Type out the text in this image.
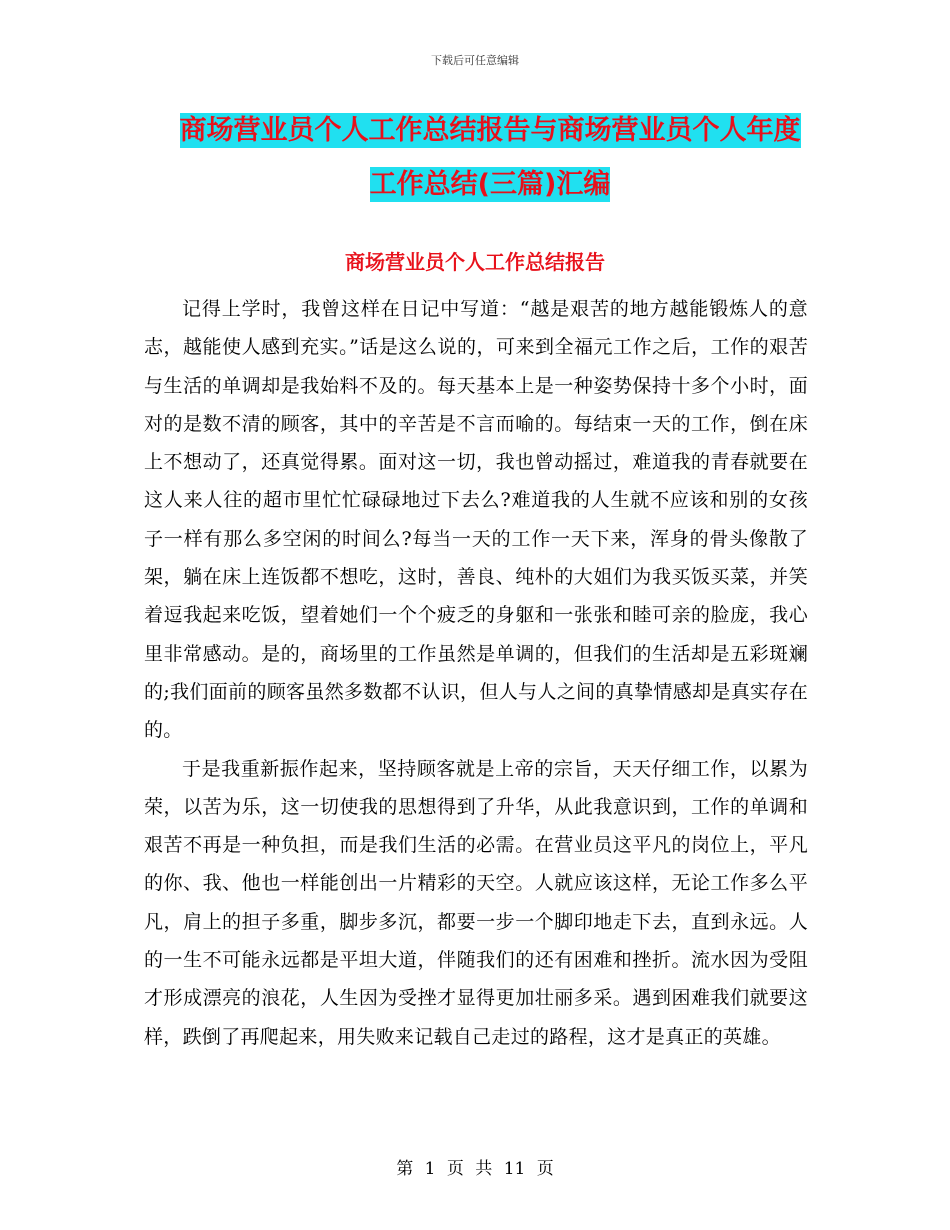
下载后可任意编辑
商场营业员个人工作总结报告与商场营业员个人年度
工作总结(三篇)汇编
商场营业员个人工作总结报告

记得上学时，我曾这样在日记中写道：“越是艰苦的地方越能锻炼人的意志，越能使人感到充实。”话是这么说的，可来到全福元工作之后，工作的艰苦与生活的单调却是我始料不及的。每天基本上是一种姿势保持十多个小时，面对的是数不清的顾客，其中的辛苦是不言而喻的。每结束一天的工作，倒在床上不想动了，还真觉得累。面对这一切，我也曾动摇过，难道我的青春就要在这人来人往的超市里忙忙碌碌地过下去么?难道我的人生就不应该和别的女孩子一样有那么多空闲的时间么?每当一天的工作一天下来，浑身的骨头像散了架，躺在床上连饭都不想吃，这时，善良、纯朴的大姐们为我买饭买菜，并笑着逗我起来吃饭，望着她们一个个疲乏的身躯和一张张和睦可亲的脸庞，我心里非常感动。是的，商场里的工作虽然是单调的，但我们的生活却是五彩斑斓的;我们面前的顾客虽然多数都不认识，但人与人之间的真挚情感却是真实存在的。

于是我重新振作起来，坚持顾客就是上帝的宗旨，天天仔细工作，以累为荣，以苦为乐，这一切使我的思想得到了升华，从此我意识到，工作的单调和艰苦不再是一种负担，而是我们生活的必需。在营业员这平凡的岗位上，平凡的你、我、他也一样能创出一片精彩的天空。人就应该这样，无论工作多么平凡，肩上的担子多重，脚步多沉，都要一步一个脚印地走下去，直到永远。人的一生不可能永远都是平坦大道，伴随我们的还有困难和挫折。流水因为受阻才形成漂亮的浪花，人生因为受挫才显得更加壮丽多采。遇到困难我们就要这样，跌倒了再爬起来，用失败来记载自己走过的路程，这才是真正的英雄。

第 1 页 共 11 页
